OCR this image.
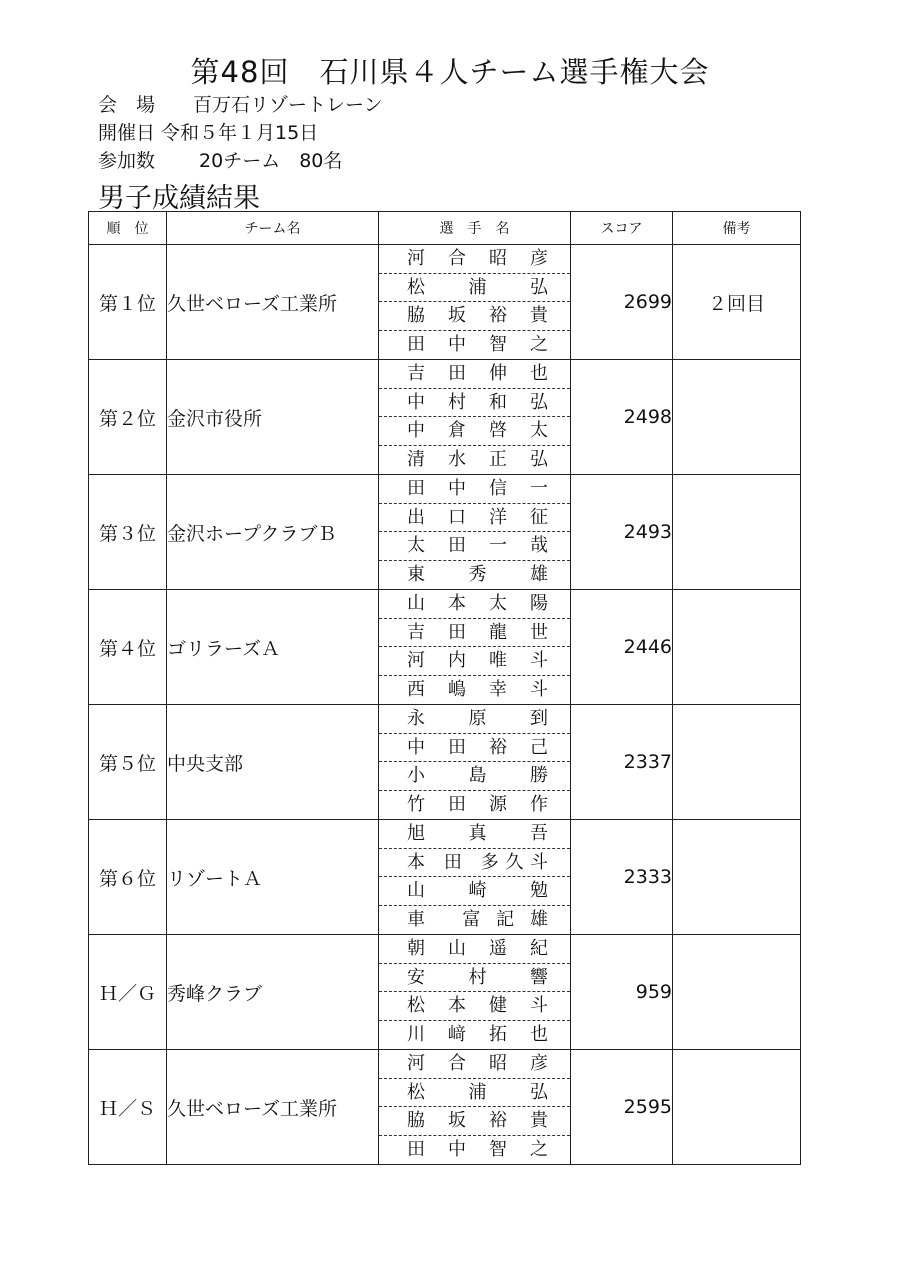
第48回　石川県４人チーム選手権大会
会　場　　百万石リゾートレーン
開催日 令和５年１月15日
参加数　　 20チーム　80名
男子成績結果
順　位	チーム名	選　手　名	スコア	備考
第１位	久世ベローズ工業所	河 合 昭 彦
松 浦 弘
脇 坂 裕 貴
田 中 智 之	2699	２回目
第２位	金沢市役所	吉 田 伸 也
中 村 和 弘
中 倉 啓 太
清 水 正 弘	2498	
第３位	金沢ホープクラブＢ	田 中 信 一
出 口 洋 征
太 田 一 哉
東 秀 雄	2493	
第４位	ゴリラーズＡ	山 本 太 陽
吉 田 龍 世
河 内 唯 斗
西 嶋 幸 斗	2446	
第５位	中央支部	永 原 到
中 田 裕 己
小 島 勝
竹 田 源 作	2337	
第６位	リゾートＡ	旭 真 吾
本 田 多久斗
山 崎 勉
車 富記雄	2333	
Ｈ／Ｇ	秀峰クラブ	朝 山 遥 紀
安 村 響
松 本 健 斗
川 﨑 拓 也	959	
Ｈ／Ｓ	久世ベローズ工業所	河 合 昭 彦
松 浦 弘
脇 坂 裕 貴
田 中 智 之	2595	
